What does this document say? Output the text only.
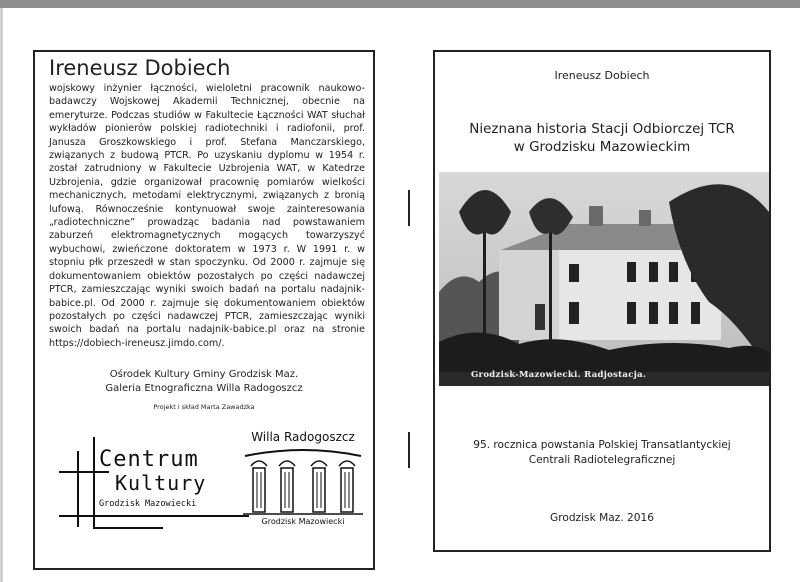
Ireneusz Dobiech
wojskowy inżynier łączności, wieloletni pracownik naukowo-badawczy Wojskowej Akademii Technicznej, obecnie na emeryturze. Podczas studiów w Fakultecie Łączności WAT słuchał wykładów pionierów polskiej radiotechniki i radiofonii, prof. Janusza Groszkowskiego i prof. Stefana Manczarskiego, związanych z budową PTCR. Po uzyskaniu dyplomu w 1954 r. został zatrudniony w Fakultecie Uzbrojenia WAT, w Katedrze Uzbrojenia, gdzie organizował pracownię pomiarów wielkości mechanicznych, metodami elektrycznymi, związanych z bronią lufową. Równocześnie kontynuował swoje zainteresowania „radiotechniczne” prowadząc badania nad powstawaniem zaburzeń elektromagnetycznych mogących towarzyszyć wybuchowi, zwieńczone doktoratem w 1973 r. W 1991 r. w stopniu płk przeszedł w stan spoczynku. Od 2000 r. zajmuje się dokumentowaniem obiektów pozostałych po części nadawczej PTCR, zamieszczając wyniki swoich badań na portalu nadajnik-babice.pl. Od 2000 r. zajmuje się dokumentowaniem obiektów pozostałych po części nadawczej PTCR, zamieszczając wyniki swoich badań na portalu nadajnik-babice.pl oraz na stronie https://dobiech-ireneusz.jimdo.com/.
Ośrodek Kultury Gminy Grodzisk Maz.
Galeria Etnograficzna Willa Radogoszcz
Projekt i skład Marta Zawadzka
Centrum
Kultury
Grodzisk Mazowiecki
Willa Radogoszcz
Grodzisk Mazowiecki
Ireneusz Dobiech
Nieznana historia Stacji Odbiorczej TCR
w Grodzisku Mazowieckim
Grodzisk-Mazowiecki. Radjostacja.
95. rocznica powstania Polskiej Transatlantyckiej
Centrali Radiotelegraficznej
Grodzisk Maz. 2016
